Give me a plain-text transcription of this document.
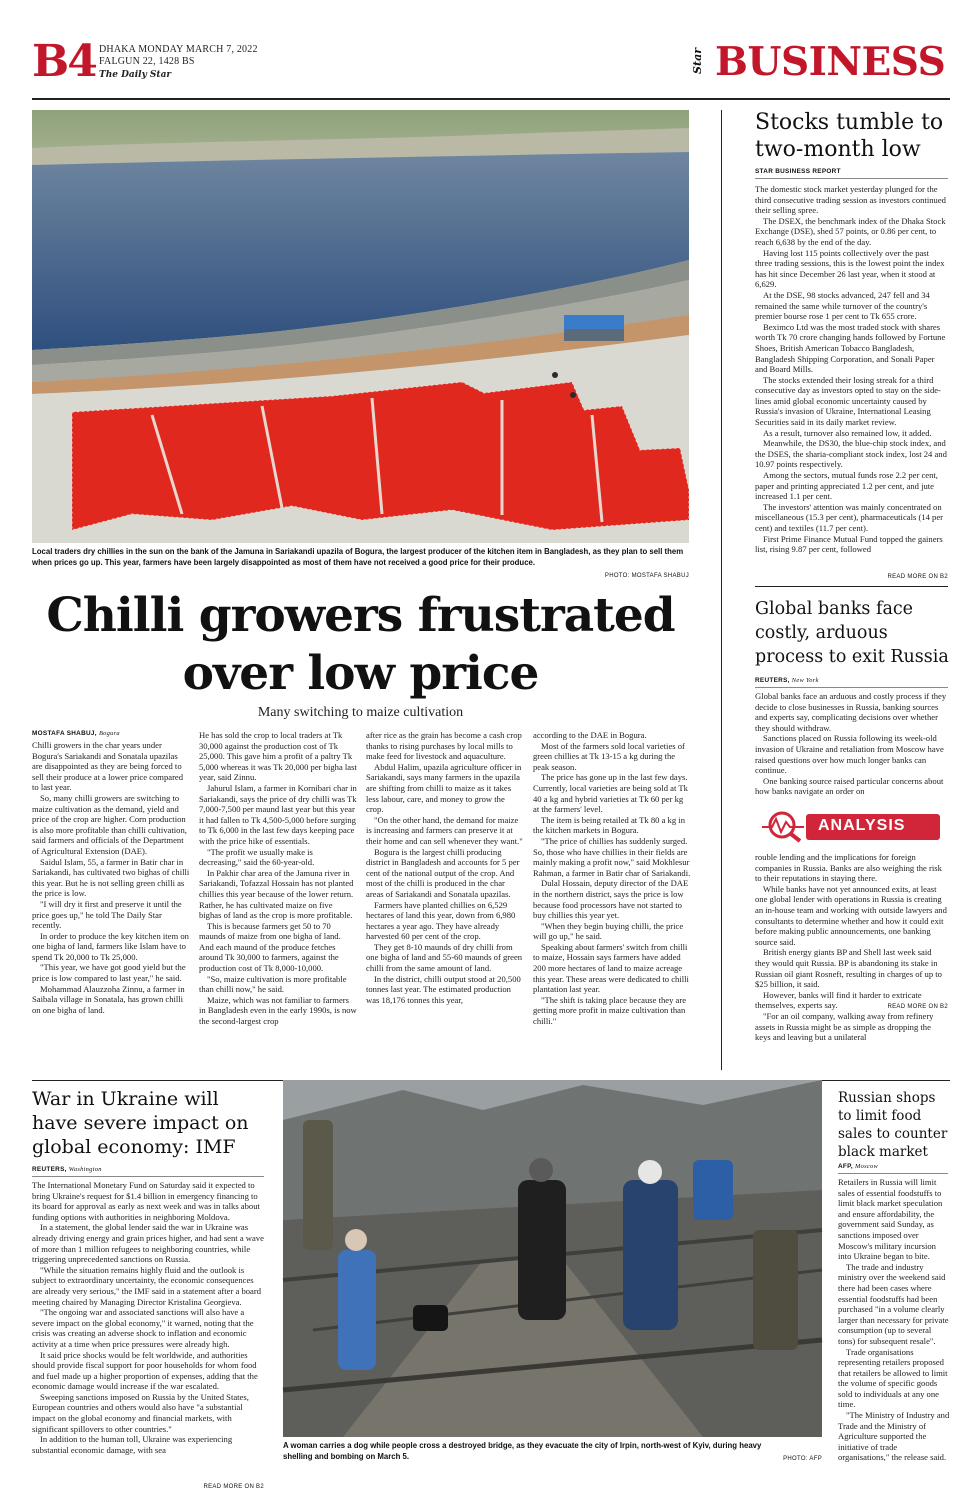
B4 DHAKA MONDAY MARCH 7, 2022
FALGUN 22, 1428 BS
The Daily Star
Star BUSINESS
Local traders dry chillies in the sun on the bank of the Jamuna in Sariakandi upazila of Bogura, the largest producer of the kitchen item in Bangladesh, as they plan to sell them when prices go up. This year, farmers have been largely disappointed as most of them have not received a good price for their produce.
PHOTO: MOSTAFA SHABUJ
Chilli growers frustrated
over low price
Many switching to maize cultivation
MOSTAFA SHABUJ, Bogura

Chilli growers in the char years under Bogura's Sariakandi and Sonatala upazilas are disappointed as they are being forced to sell their produce at a lower price compared to last year.

So, many chilli growers are switching to maize cultivation as the demand, yield and price of the crop are higher. Corn production is also more profitable than chilli cultivation, said farmers and officials of the Department of Agricultural Extension (DAE).

Saidul Islam, 55, a farmer in Batir char in Sariakandi, has cultivated two bighas of chilli this year. But he is not selling green chilli as the price is low.

"I will dry it first and preserve it until the price goes up," he told The Daily Star recently.

In order to produce the key kitchen item on one bigha of land, farmers like Islam have to spend Tk 20,000 to Tk 25,000.

"This year, we have got good yield but the price is low compared to last year," he said.

Mohammad Alauzzoha Zinnu, a farmer in Saibala village in Sonatala, has grown chilli on one bigha of land.

He has sold the crop to local traders at Tk 30,000 against the production cost of Tk 25,000. This gave him a profit of a paltry Tk 5,000 whereas it was Tk 20,000 per bigha last year, said Zinnu.

Jahurul Islam, a farmer in Kornibari char in Sariakandi, says the price of dry chilli was Tk 7,000-7,500 per maund last year but this year it had fallen to Tk 4,500-5,000 before surging to Tk 6,000 in the last few days keeping pace with the price hike of essentials.

"The profit we usually make is decreasing," said the 60-year-old.

In Pakhir char area of the Jamuna river in Sariakandi, Tofazzal Hossain has not planted chillies this year because of the lower return. Rather, he has cultivated maize on five bighas of land as the crop is more profitable.

This is because farmers get 50 to 70 maunds of maize from one bigha of land. And each maund of the produce fetches around Tk 30,000 to farmers, against the production cost of Tk 8,000-10,000.

"So, maize cultivation is more profitable than chilli now," he said.

Maize, which was not familiar to farmers in Bangladesh even in the early 1990s, is now the second-largest crop

after rice as the grain has become a cash crop thanks to rising purchases by local mills to make feed for livestock and aquaculture.

Abdul Halim, upazila agriculture officer in Sariakandi, says many farmers in the upazila are shifting from chilli to maize as it takes less labour, care, and money to grow the crop.

"On the other hand, the demand for maize is increasing and farmers can preserve it at their home and can sell whenever they want."

Bogura is the largest chilli producing district in Bangladesh and accounts for 5 per cent of the national output of the crop. And most of the chilli is produced in the char areas of Sariakandi and Sonatala upazilas.

Farmers have planted chillies on 6,529 hectares of land this year, down from 6,980 hectares a year ago. They have already harvested 60 per cent of the crop.

They get 8-10 maunds of dry chilli from one bigha of land and 55-60 maunds of green chilli from the same amount of land.

In the district, chilli output stood at 20,500 tonnes last year. The estimated production was 18,176 tonnes this year,

according to the DAE in Bogura.

Most of the farmers sold local varieties of green chillies at Tk 13-15 a kg during the peak season.

The price has gone up in the last few days. Currently, local varieties are being sold at Tk 40 a kg and hybrid varieties at Tk 60 per kg at the farmers' level.

The item is being retailed at Tk 80 a kg in the kitchen markets in Bogura.

"The price of chillies has suddenly surged. So, those who have chillies in their fields are mainly making a profit now," said Mokhlesur Rahman, a farmer in Batir char of Sariakandi.

Dulal Hossain, deputy director of the DAE in the northern district, says the price is low because food processors have not started to buy chillies this year yet.

"When they begin buying chilli, the price will go up," he said.

Speaking about farmers' switch from chilli to maize, Hossain says farmers have added 200 more hectares of land to maize acreage this year. These areas were dedicated to chilli plantation last year.

"The shift is taking place because they are getting more profit in maize cultivation than chilli."

Stocks tumble to
two-month low
STAR BUSINESS REPORT

The domestic stock market yesterday plunged for the third consecutive trading session as investors continued their selling spree.

The DSEX, the benchmark index of the Dhaka Stock Exchange (DSE), shed 57 points, or 0.86 per cent, to reach 6,638 by the end of the day.

Having lost 115 points collectively over the past three trading sessions, this is the lowest point the index has hit since December 26 last year, when it stood at 6,629.

At the DSE, 98 stocks advanced, 247 fell and 34 remained the same while turnover of the country's premier bourse rose 1 per cent to Tk 655 crore.

Beximco Ltd was the most traded stock with shares worth Tk 70 crore changing hands followed by Fortune Shoes, British American Tobacco Bangladesh, Bangladesh Shipping Corporation, and Sonali Paper and Board Mills.

The stocks extended their losing streak for a third consecutive day as investors opted to stay on the side-lines amid global economic uncertainty caused by Russia's invasion of Ukraine, International Leasing Securities said in its daily market review.

As a result, turnover also remained low, it added.

Meanwhile, the DS30, the blue-chip stock index, and the DSES, the sharia-compliant stock index, lost 24 and 10.97 points respectively.

Among the sectors, mutual funds rose 2.2 per cent, paper and printing appreciated 1.2 per cent, and jute increased 1.1 per cent.

The investors' attention was mainly concentrated on miscellaneous (15.3 per cent), pharmaceuticals (14 per cent) and textiles (11.7 per cent).

First Prime Finance Mutual Fund topped the gainers list, rising 9.87 per cent, followed

READ MORE ON B2
Global banks face
costly, arduous
process to exit Russia
REUTERS, New York

Global banks face an arduous and costly process if they decide to close businesses in Russia, banking sources and experts say, complicating decisions over whether they should withdraw.

Sanctions placed on Russia following its week-old invasion of Ukraine and retaliation from Moscow have raised questions over how much longer banks can continue.

One banking source raised particular concerns about how banks navigate an order on

ANALYSIS

rouble lending and the implications for foreign companies in Russia. Banks are also weighing the risk to their reputations in staying there.

While banks have not yet announced exits, at least one global lender with operations in Russia is creating an in-house team and working with outside lawyers and consultants to determine whether and how it could exit before making public announcements, one banking source said.

British energy giants BP and Shell last week said they would quit Russia. BP is abandoning its stake in Russian oil giant Rosneft, resulting in charges of up to $25 billion, it said.

However, banks will find it harder to extricate themselves, experts say.

"For an oil company, walking away from refinery assets in Russia might be as simple as dropping the keys and leaving but a unilateral

READ MORE ON B2
War in Ukraine will
have severe impact on
global economy: IMF
REUTERS, Washington

The International Monetary Fund on Saturday said it expected to bring Ukraine's request for $1.4 billion in emergency financing to its board for approval as early as next week and was in talks about funding options with authorities in neighboring Moldova.

In a statement, the global lender said the war in Ukraine was already driving energy and grain prices higher, and had sent a wave of more than 1 million refugees to neighboring countries, while triggering unprecedented sanctions on Russia.

"While the situation remains highly fluid and the outlook is subject to extraordinary uncertainty, the economic consequences are already very serious," the IMF said in a statement after a board meeting chaired by Managing Director Kristalina Georgieva.

"The ongoing war and associated sanctions will also have a severe impact on the global economy," it warned, noting that the crisis was creating an adverse shock to inflation and economic activity at a time when price pressures were already high.

It said price shocks would be felt worldwide, and authorities should provide fiscal support for poor households for whom food and fuel made up a higher proportion of expenses, adding that the economic damage would increase if the war escalated.

Sweeping sanctions imposed on Russia by the United States, European countries and others would also have "a substantial impact on the global economy and financial markets, with significant spillovers to other countries."

In addition to the human toll, Ukraine was experiencing substantial economic damage, with sea

READ MORE ON B2
A woman carries a dog while people cross a destroyed bridge, as they evacuate the city of Irpin, north-west of Kyiv, during heavy shelling and bombing on March 5.	PHOTO: AFP
Russian shops
to limit food
sales to counter
black market
AFP, Moscow

Retailers in Russia will limit sales of essential foodstuffs to limit black market speculation and ensure affordability, the government said Sunday, as sanctions imposed over Moscow's military incursion into Ukraine began to bite.

The trade and industry ministry over the weekend said there had been cases where essential foodstuffs had been purchased "in a volume clearly larger than necessary for private consumption (up to several tons) for subsequent resale".

Trade organisations representing retailers proposed that retailers be allowed to limit the volume of specific goods sold to individuals at any one time.

"The Ministry of Industry and Trade and the Ministry of Agriculture supported the initiative of trade organisations," the release said.
